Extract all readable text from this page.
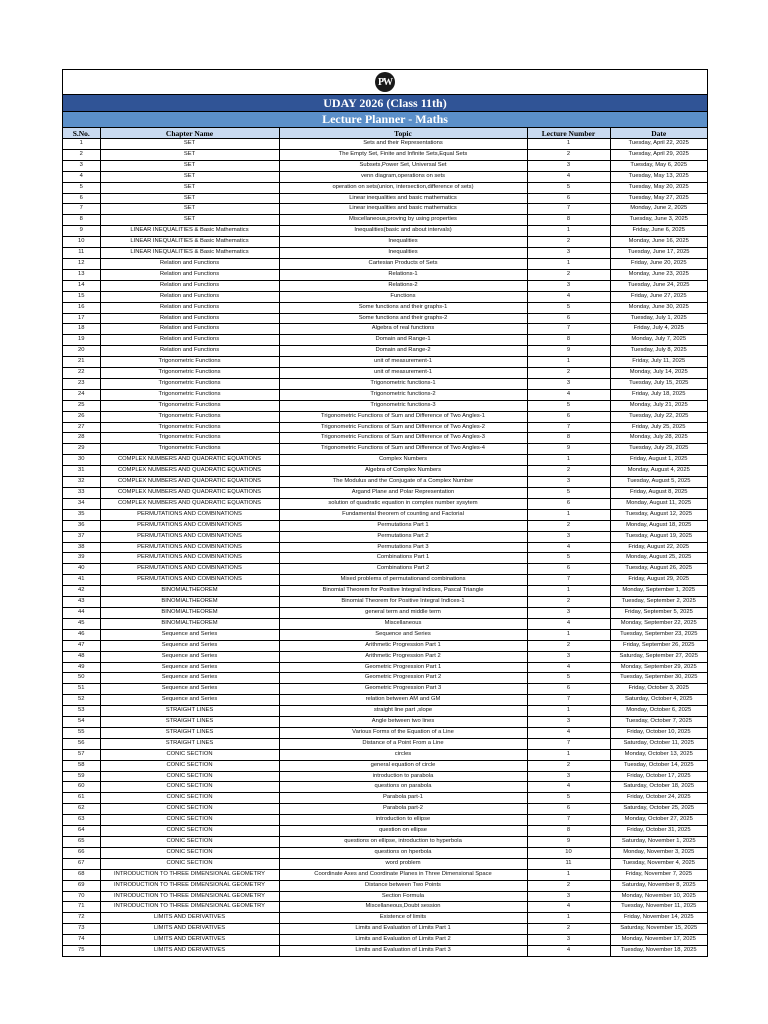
PW
UDAY 2026 (Class 11th)
Lecture Planner - Maths
S.No.	Chapter Name	Topic	Lecture Number	Date
1	SET	Sets and their Representations	1	Tuesday, April 22, 2025
2	SET	The Empty Set, Finite and Infinite Sets,Equal Sets	2	Tuesday, April 29, 2025
3	SET	Subsets,Power Set, Universal Set	3	Tuesday, May 6, 2025
4	SET	venn diagram,operations on sets	4	Tuesday, May 13, 2025
5	SET	operation on sets(union, intersection,difference of sets)	5	Tuesday, May 20, 2025
6	SET	Linear inequalities and basic mathematics	6	Tuesday, May 27, 2025
7	SET	Linear inequalities and basic mathematics	7	Monday, June 2, 2025
8	SET	Miscellaneous,proving by using properties	8	Tuesday, June 3, 2025
9	LINEAR INEQUALITIES & Basic Mathematics	Inequalities(basic and about intervals)	1	Friday, June 6, 2025
10	LINEAR INEQUALITIES & Basic Mathematics	Inequalities	2	Monday, June 16, 2025
11	LINEAR INEQUALITIES & Basic Mathematics	Inequalities	3	Tuesday, June 17, 2025
12	Relation and Functions	Cartesian Products of Sets	1	Friday, June 20, 2025
13	Relation and Functions	Relations-1	2	Monday, June 23, 2025
14	Relation and Functions	Relations-2	3	Tuesday, June 24, 2025
15	Relation and Functions	Functions	4	Friday, June 27, 2025
16	Relation and Functions	Some functions and their graphs-1	5	Monday, June 30, 2025
17	Relation and Functions	Some functions and their graphs-2	6	Tuesday, July 1, 2025
18	Relation and Functions	Algebra of real functions	7	Friday, July 4, 2025
19	Relation and Functions	Domain and Range-1	8	Monday, July 7, 2025
20	Relation and Functions	Domain and Range-2	9	Tuesday, July 8, 2025
21	Trigonometric Functions	unit of measurement-1	1	Friday, July 11, 2025
22	Trigonometric Functions	unit of measurement-1	2	Monday, July 14, 2025
23	Trigonometric Functions	Trigonometric functions-1	3	Tuesday, July 15, 2025
24	Trigonometric Functions	Trigonometric functions-2	4	Friday, July 18, 2025
25	Trigonometric Functions	Trigonometric functions-3	5	Monday, July 21, 2025
26	Trigonometric Functions	Trigonometric Functions of Sum and Difference of Two Angles-1	6	Tuesday, July 22, 2025
27	Trigonometric Functions	Trigonometric Functions of Sum and Difference of Two Angles-2	7	Friday, July 25, 2025
28	Trigonometric Functions	Trigonometric Functions of Sum and Difference of Two Angles-3	8	Monday, July 28, 2025
29	Trigonometric Functions	Trigonometric Functions of Sum and Difference of Two Angles-4	9	Tuesday, July 29, 2025
30	COMPLEX NUMBERS AND QUADRATIC EQUATIONS	Complex Numbers	1	Friday, August 1, 2025
31	COMPLEX NUMBERS AND QUADRATIC EQUATIONS	Algebra of Complex Numbers	2	Monday, August 4, 2025
32	COMPLEX NUMBERS AND QUADRATIC EQUATIONS	The Modulus and the Conjugate of a Complex Number	3	Tuesday, August 5, 2025
33	COMPLEX NUMBERS AND QUADRATIC EQUATIONS	Argand Plane and Polar Representation	5	Friday, August 8, 2025
34	COMPLEX NUMBERS AND QUADRATIC EQUATIONS	solution of quadratic equation in complex number sysytem	6	Monday, August 11, 2025
35	PERMUTATIONS AND COMBINATIONS	Fundamental theorem of counting and Factorial	1	Tuesday, August 12, 2025
36	PERMUTATIONS AND COMBINATIONS	Permutations Part 1	2	Monday, August 18, 2025
37	PERMUTATIONS AND COMBINATIONS	Permutations Part 2	3	Tuesday, August 19, 2025
38	PERMUTATIONS AND COMBINATIONS	Permutations Part 3	4	Friday, August 22, 2025
39	PERMUTATIONS AND COMBINATIONS	Combinations Part 1	5	Monday, August 25, 2025
40	PERMUTATIONS AND COMBINATIONS	Combinations Part 2	6	Tuesday, August 26, 2025
41	PERMUTATIONS AND COMBINATIONS	Mixed problems of permutationand combinations	7	Friday, August 29, 2025
42	BINOMIALTHEOREM	Binomial Theorem for Positive Integral Indices, Pascal Triangle	1	Monday, September 1, 2025
43	BINOMIALTHEOREM	Binomial Theorem for Positive Integral Indices-1	2	Tuesday, September 2, 2025
44	BINOMIALTHEOREM	general term and middle term	3	Friday, September 5, 2025
45	BINOMIALTHEOREM	Miscellaneous	4	Monday, September 22, 2025
46	Sequence and Series	Sequence and Series	1	Tuesday, September 23, 2025
47	Sequence and Series	Arithmetic Progression Part 1	2	Friday, September 26, 2025
48	Sequence and Series	Arithmetic Progression Part 2	3	Saturday, September 27, 2025
49	Sequence and Series	Geometric Progression Part 1	4	Monday, September 29, 2025
50	Sequence and Series	Geometric Progression Part 2	5	Tuesday, September 30, 2025
51	Sequence and Series	Geometric Progression Part 3	6	Friday, October 3, 2025
52	Sequence and Series	relation between AM and GM	7	Saturday, October 4, 2025
53	STRAIGHT LINES	straight line part ,slope	1	Monday, October 6, 2025
54	STRAIGHT LINES	Angle between two lines	3	Tuesday, October 7, 2025
55	STRAIGHT LINES	Various Forms of the Equation of a Line	4	Friday, October 10, 2025
56	STRAIGHT LINES	Distance of a Point From a Line	7	Saturday, October 11, 2025
57	CONIC SECTION	circles	1	Monday, October 13, 2025
58	CONIC SECTION	general equation of circle	2	Tuesday, October 14, 2025
59	CONIC SECTION	introduction to parabola	3	Friday, October 17, 2025
60	CONIC SECTION	questions on parabola	4	Saturday, October 18, 2025
61	CONIC SECTION	Parabola part-1	5	Friday, October 24, 2025
62	CONIC SECTION	Parabola part-2	6	Saturday, October 25, 2025
63	CONIC SECTION	introduction to ellipse	7	Monday, October 27, 2025
64	CONIC SECTION	question on ellipse	8	Friday, October 31, 2025
65	CONIC SECTION	questions on ellipse, introduction to hyperbola	9	Saturday, November 1, 2025
66	CONIC SECTION	questions on hperbola	10	Monday, November 3, 2025
67	CONIC SECTION	word problem	11	Tuesday, November 4, 2025
68	INTRODUCTION TO THREE DIMENSIONAL GEOMETRY	Coordinate Axes and Coordinate Planes in Three Dimensional Space	1	Friday, November 7, 2025
69	INTRODUCTION TO THREE DIMENSIONAL GEOMETRY	Distance between Two Points	2	Saturday, November 8, 2025
70	INTRODUCTION TO THREE DIMENSIONAL GEOMETRY	Section Formula	3	Monday, November 10, 2025
71	INTRODUCTION TO THREE DIMENSIONAL GEOMETRY	Miscellaneous,Doubt session	4	Tuesday, November 11, 2025
72	LIMITS AND DERIVATIVES	Existence of limits	1	Friday, November 14, 2025
73	LIMITS AND DERIVATIVES	Limits and Evaluation of Limits Part 1	2	Saturday, November 15, 2025
74	LIMITS AND DERIVATIVES	Limits and Evaluation of Limits Part 2	3	Monday, November 17, 2025
75	LIMITS AND DERIVATIVES	Limits and Evaluation of Limits Part 3	4	Tuesday, November 18, 2025
